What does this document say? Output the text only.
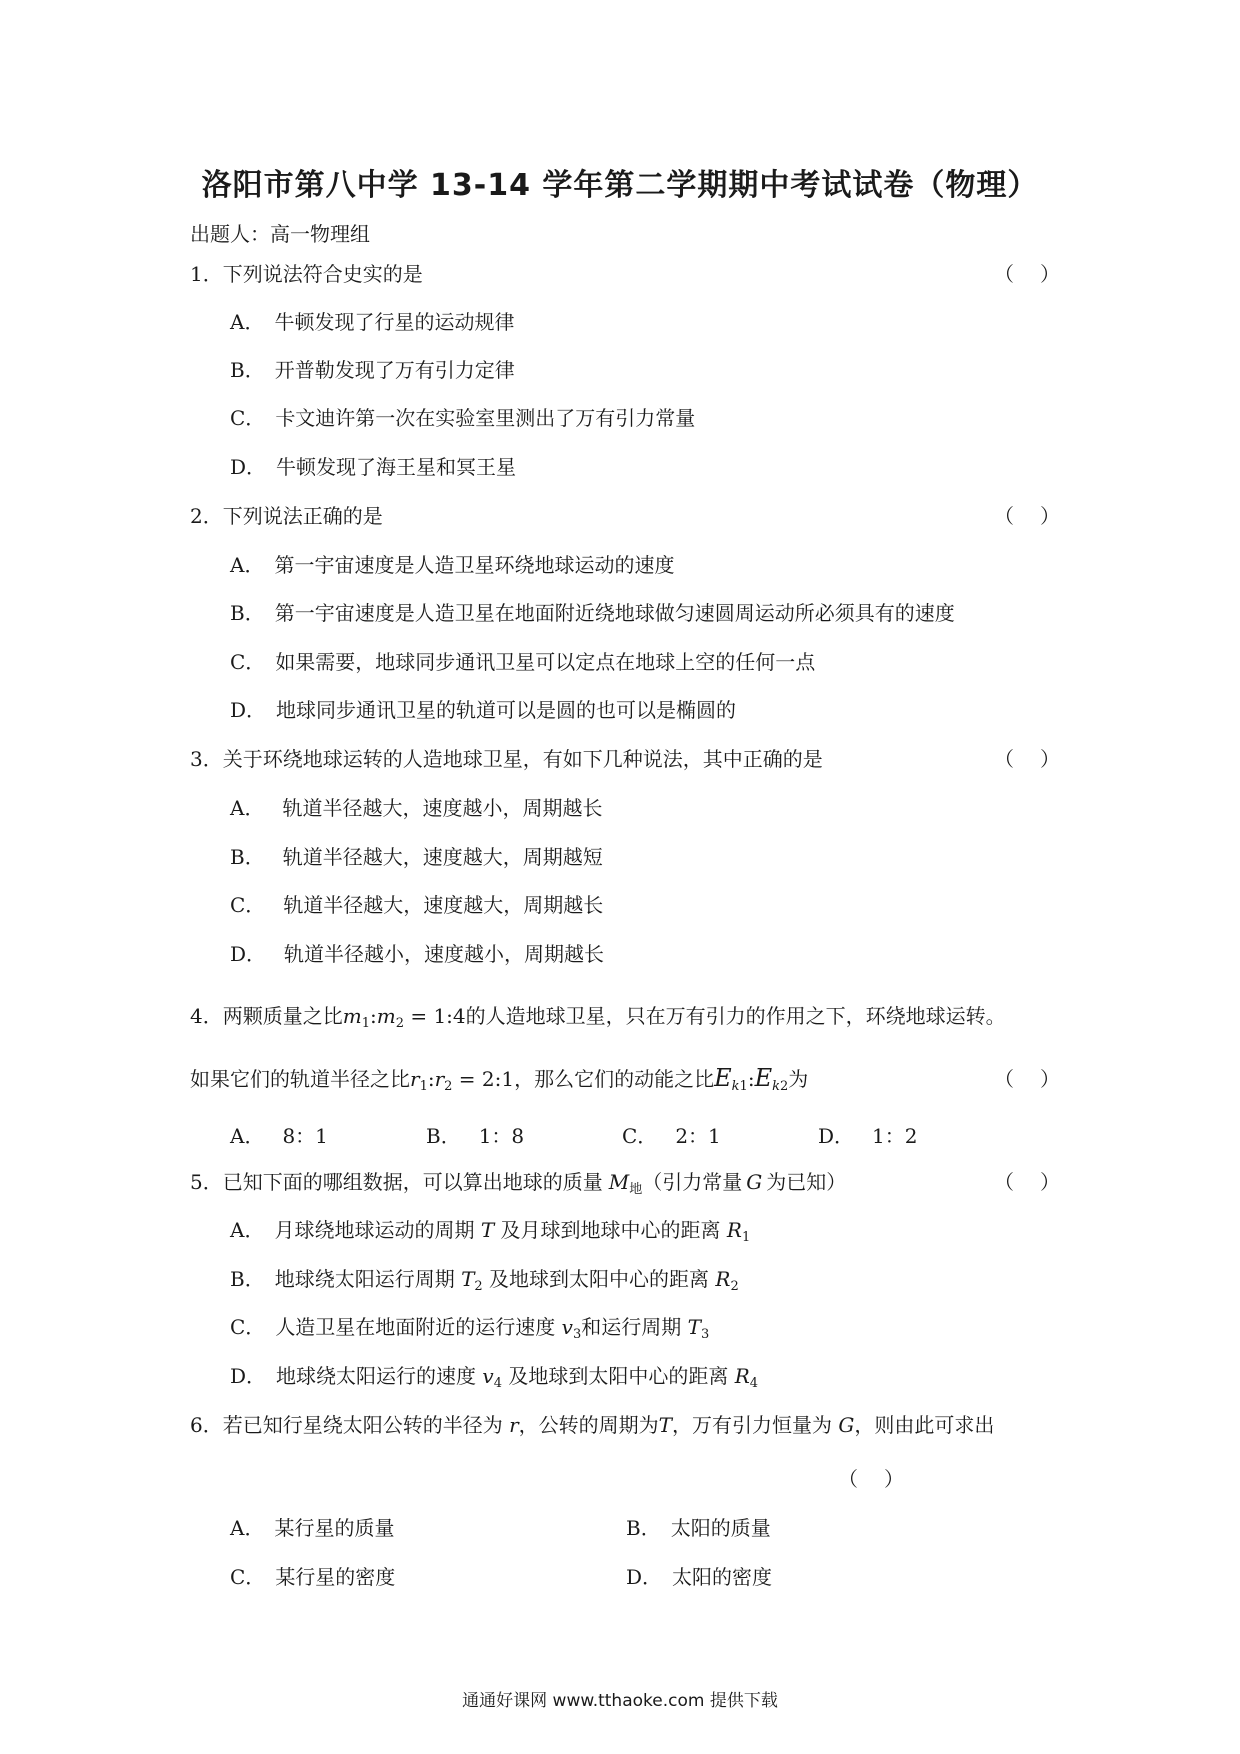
洛阳市第八中学 13-14 学年第二学期期中考试试卷（物理）
出题人：高一物理组
1．下列说法符合史实的是	（ ）
A． 牛顿发现了行星的运动规律
B． 开普勒发现了万有引力定律
C． 卡文迪许第一次在实验室里测出了万有引力常量
D． 牛顿发现了海王星和冥王星
2．下列说法正确的是	（ ）
A． 第一宇宙速度是人造卫星环绕地球运动的速度
B． 第一宇宙速度是人造卫星在地面附近绕地球做匀速圆周运动所必须具有的速度
C． 如果需要，地球同步通讯卫星可以定点在地球上空的任何一点
D． 地球同步通讯卫星的轨道可以是圆的也可以是椭圆的
3．关于环绕地球运转的人造地球卫星，有如下几种说法，其中正确的是	（ ）
A． 轨道半径越大，速度越小，周期越长
B． 轨道半径越大，速度越大，周期越短
C． 轨道半径越大，速度越大，周期越长
D． 轨道半径越小，速度越小，周期越长
4．两颗质量之比$m_1:m_2$ = 1:4的人造地球卫星，只在万有引力的作用之下，环绕地球运转。
如果它们的轨道半径之比$r_1:r_2$ = 2:1，那么它们的动能之比$E_{k1}:E_{k2}$为	（ ）
A． 8：1	B． 1：8	C． 2：1	D． 1：2
5．已知下面的哪组数据，可以算出地球的质量 $M_地$（引力常量 G 为已知）	（ ）
A． 月球绕地球运动的周期 T 及月球到地球中心的距离 $R_1$
B． 地球绕太阳运行周期 $T_2$ 及地球到太阳中心的距离 $R_2$
C． 人造卫星在地面附近的运行速度 $v_3$和运行周期 $T_3$
D． 地球绕太阳运行的速度 $v_4$ 及地球到太阳中心的距离 $R_4$
6．若已知行星绕太阳公转的半径为 r，公转的周期为T，万有引力恒量为 G，则由此可求出
（ ）
A． 某行星的质量	B． 太阳的质量
C． 某行星的密度	D． 太阳的密度
通通好课网 www.tthaoke.com 提供下载
